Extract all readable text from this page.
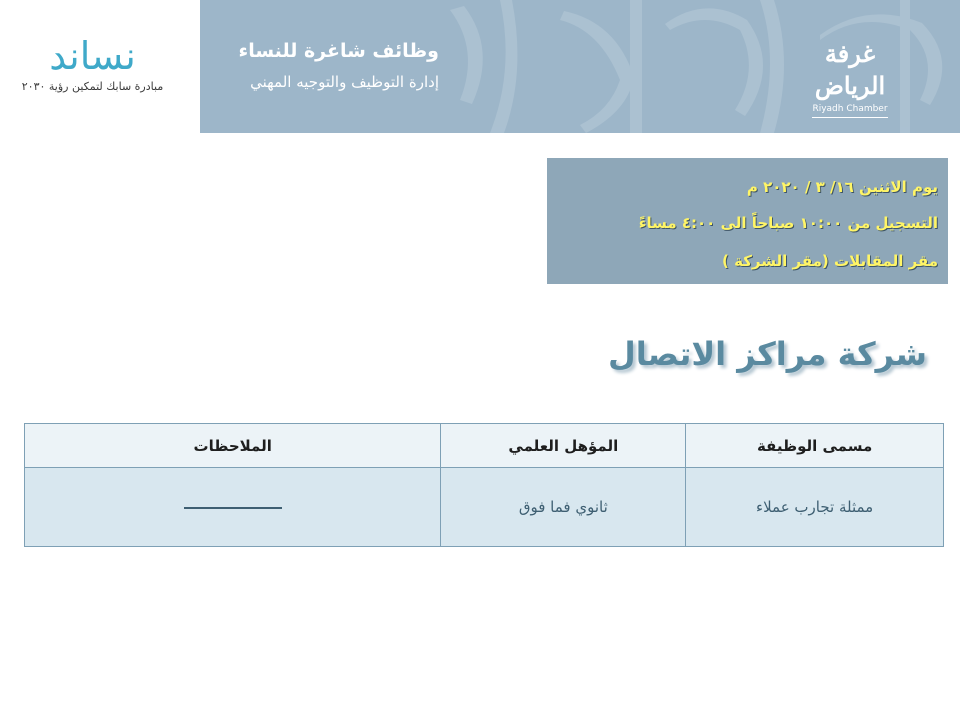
نساند
مبادرة سابك لتمكين رؤية ٢٠٣٠
وظائف شاغرة للنساء
إدارة التوظيف والتوجيه المهني
غرفة الرياض
Riyadh Chamber
يوم الاثنين ١٦/ ٣ / ٢٠٢٠ م
التسجيل من ١٠:٠٠ صباحاً الى ٤:٠٠ مساءً
مقر المقابلات (مقر الشركة )
شركة مراكز الاتصال
مسمى الوظيفة	المؤهل العلمي	الملاحظات
ممثلة تجارب عملاء	ثانوي فما فوق	
